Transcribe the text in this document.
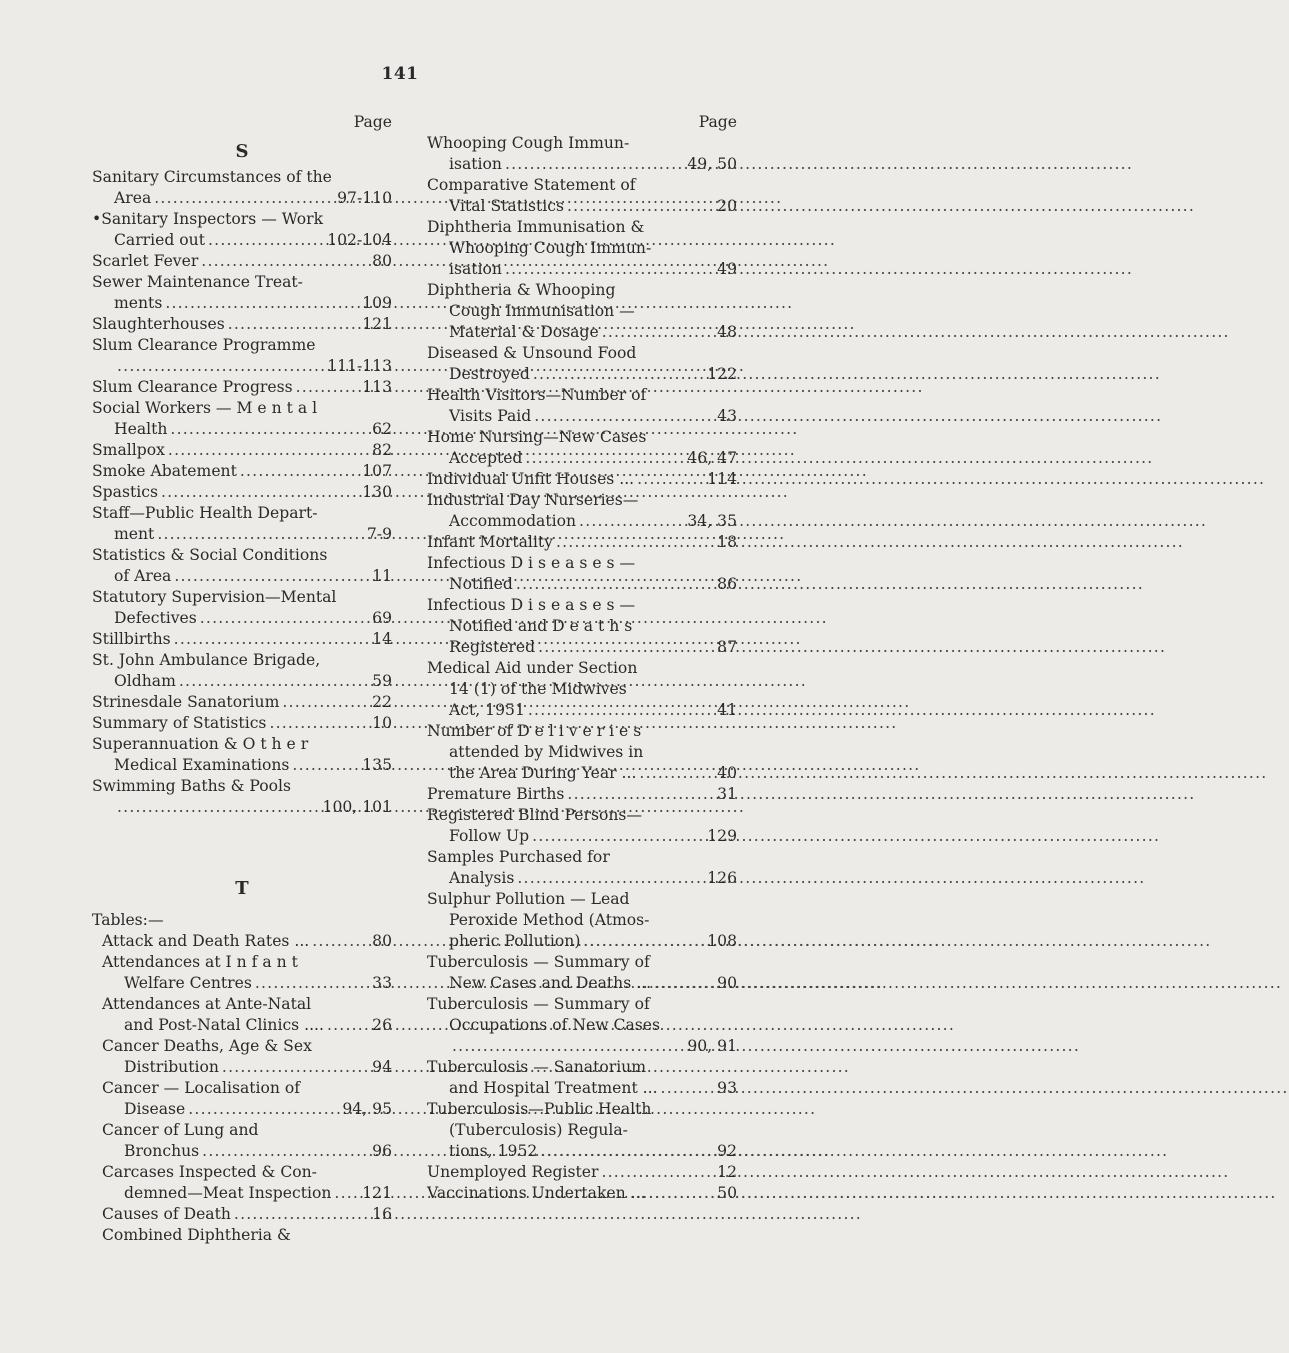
141
Page
S
Sanitary Circumstances of the
Area .....	97-110
•Sanitary Inspectors — Work
Carried out .....	102-104
Scarlet Fever .....	80
Sewer Maintenance Treat-
ments .....	109
Slaughterhouses .....	121
Slum Clearance Programme
.....
111-113
Slum Clearance Progress .....	113
Social Workers — M e n t a l
Health .....	62
Smallpox .....	82
Smoke Abatement .....	107
Spastics .....	130
Staff—Public Health Depart-
ment .....	7-9
Statistics & Social Conditions
of Area .....	11
Statutory Supervision—Mental
Defectives .....	69
Stillbirths .....	14
St. John Ambulance Brigade,
Oldham .....	59
Strinesdale Sanatorium .....	22
Summary of Statistics .....	10
Superannuation & O t h e r
Medical Examinations .....	135
Swimming Baths & Pools
.....
100, 101
T
Tables:—
Attack and Death Rates ... .....	80
Attendances at I n f a n t
Welfare Centres .....	33
Attendances at Ante-Natal
and Post-Natal Clinics .... .....	26
Cancer Deaths, Age & Sex
Distribution .....	94
Cancer — Localisation of
Disease .....	94, 95
Cancer of Lung and
Bronchus .....	96
Carcases Inspected & Con-
demned—Meat Inspection ..... 121
Causes of Death .....	16
Combined Diphtheria &
Page
Whooping Cough Immun-
isation .....	49, 50
Comparative Statement of
Vital Statistics .....	20
Diphtheria Immunisation &
Whooping Cough Immun-
isation .....	49
Diphtheria & Whooping
Cough Immunisation —
Material & Dosage .....	48
Diseased & Unsound Food
Destroyed .....	122
Health Visitors—Number of
Visits Paid .....	43
Home Nursing—New Cases
Accepted .....	46, 47
Individual Unfit Houses ... .....	114
Industrial Day Nurseries—
Accommodation .....	34, 35
Infant Mortality .....	18
Infectious D i s e a s e s —
Notified .....	86
Infectious D i s e a s e s —
Notified and D e a t h s
Registered .....	87
Medical Aid under Section
14 (1) of the Midwives
Act, 1951 .....	41
Number of D e l i v e r i e s
attended by Midwives in
the Area During Year ... .....	40
Premature Births .....	31
Registered Blind Persons—
Follow Up .....	129
Samples Purchased for
Analysis .....	126
Sulphur Pollution — Lead
Peroxide Method (Atmos-
pheric Pollution) .....	108
Tuberculosis — Summary of
New Cases and Deaths ... .....	90
Tuberculosis — Summary of
Occupations of New Cases
.....
90, 91
Tuberculosis — Sanatorium
and Hospital Treatment ... .....	93
Tuberculosis—Public Health
(Tuberculosis) Regula-
tions, 1952 .....	92
Unemployed Register .....	12
Vaccinations Undertaken ... .....	50
